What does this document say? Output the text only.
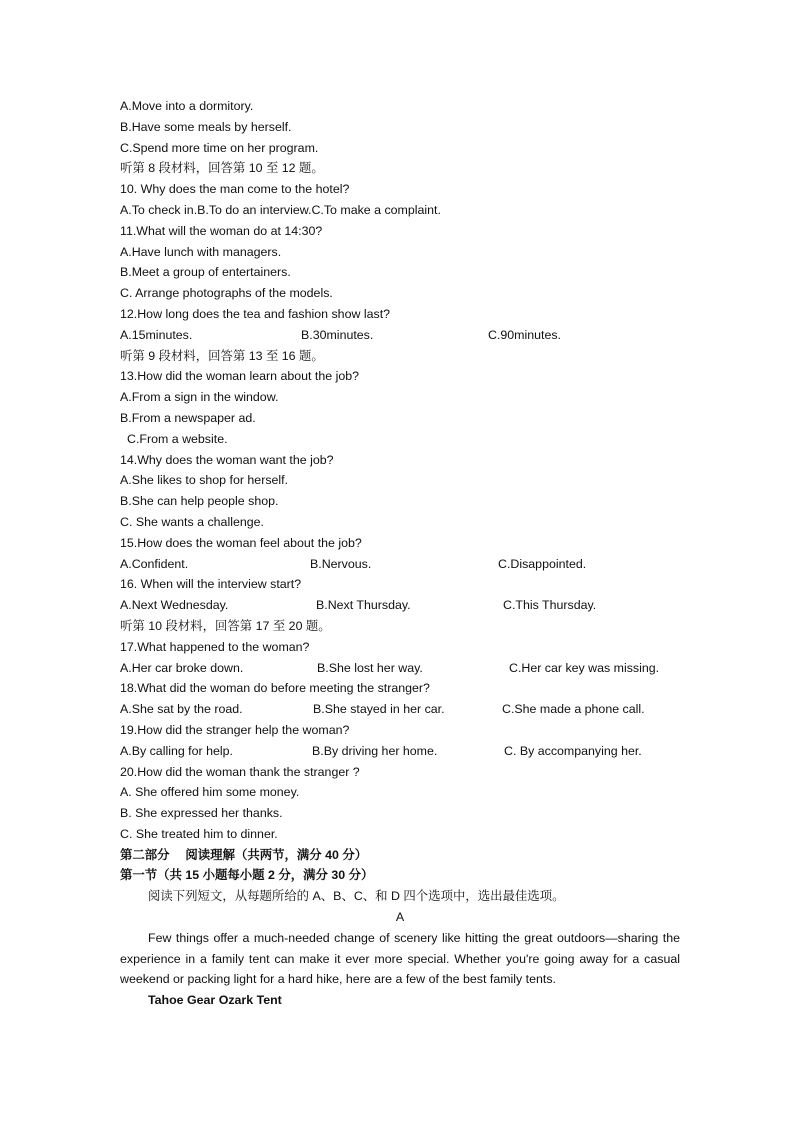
A.Move into a dormitory.
B.Have some meals by herself.
C.Spend more time on her program.
听第 8 段材料，回答第 10 至 12 题。
10. Why does the man come to the hotel?
A.To check in.B.To do an interview.C.To make a complaint.
11.What will the woman do at 14:30?
A.Have lunch with managers.
B.Meet a group of entertainers.
C. Arrange photographs of the models.
12.How long does the tea and fashion show last?
A.15minutes.	B.30minutes.	C.90minutes.
听第 9 段材料，回答第 13 至 16 题。
13.How did the woman learn about the job?
A.From a sign in the window.
B.From a newspaper ad.
C.From a website.
14.Why does the woman want the job?
A.She likes to shop for herself.
B.She can help people shop.
C. She wants a challenge.
15.How does the woman feel about the job?
A.Confident.	B.Nervous.	C.Disappointed.
16. When will the interview start?
A.Next Wednesday.	B.Next Thursday.	C.This Thursday.
听第 10 段材料，回答第 17 至 20 题。
17.What happened to the woman?
A.Her car broke down.	B.She lost her way.	C.Her car key was missing.
18.What did the woman do before meeting the stranger?
A.She sat by the road.	B.She stayed in her car.	C.She made a phone call.
19.How did the stranger help the woman?
A.By calling for help.	B.By driving her home.	C. By accompanying her.
20.How did the woman thank the stranger ?
A. She offered him some money.
B. She expressed her thanks.
C. She treated him to dinner.
第二部分　 阅读理解（共两节，满分 40 分）
第一节（共 15 小题每小题 2 分，满分 30 分）
阅读下列短文，从每题所给的 A、B、C、和 D 四个选项中，选出最佳选项。
A

Few things offer a much-needed change of scenery like hitting the great outdoors—sharing the experience in a family tent can make it ever more special. Whether you're going away for a casual weekend or packing light for a hard hike, here are a few of the best family tents.

Tahoe Gear Ozark Tent
